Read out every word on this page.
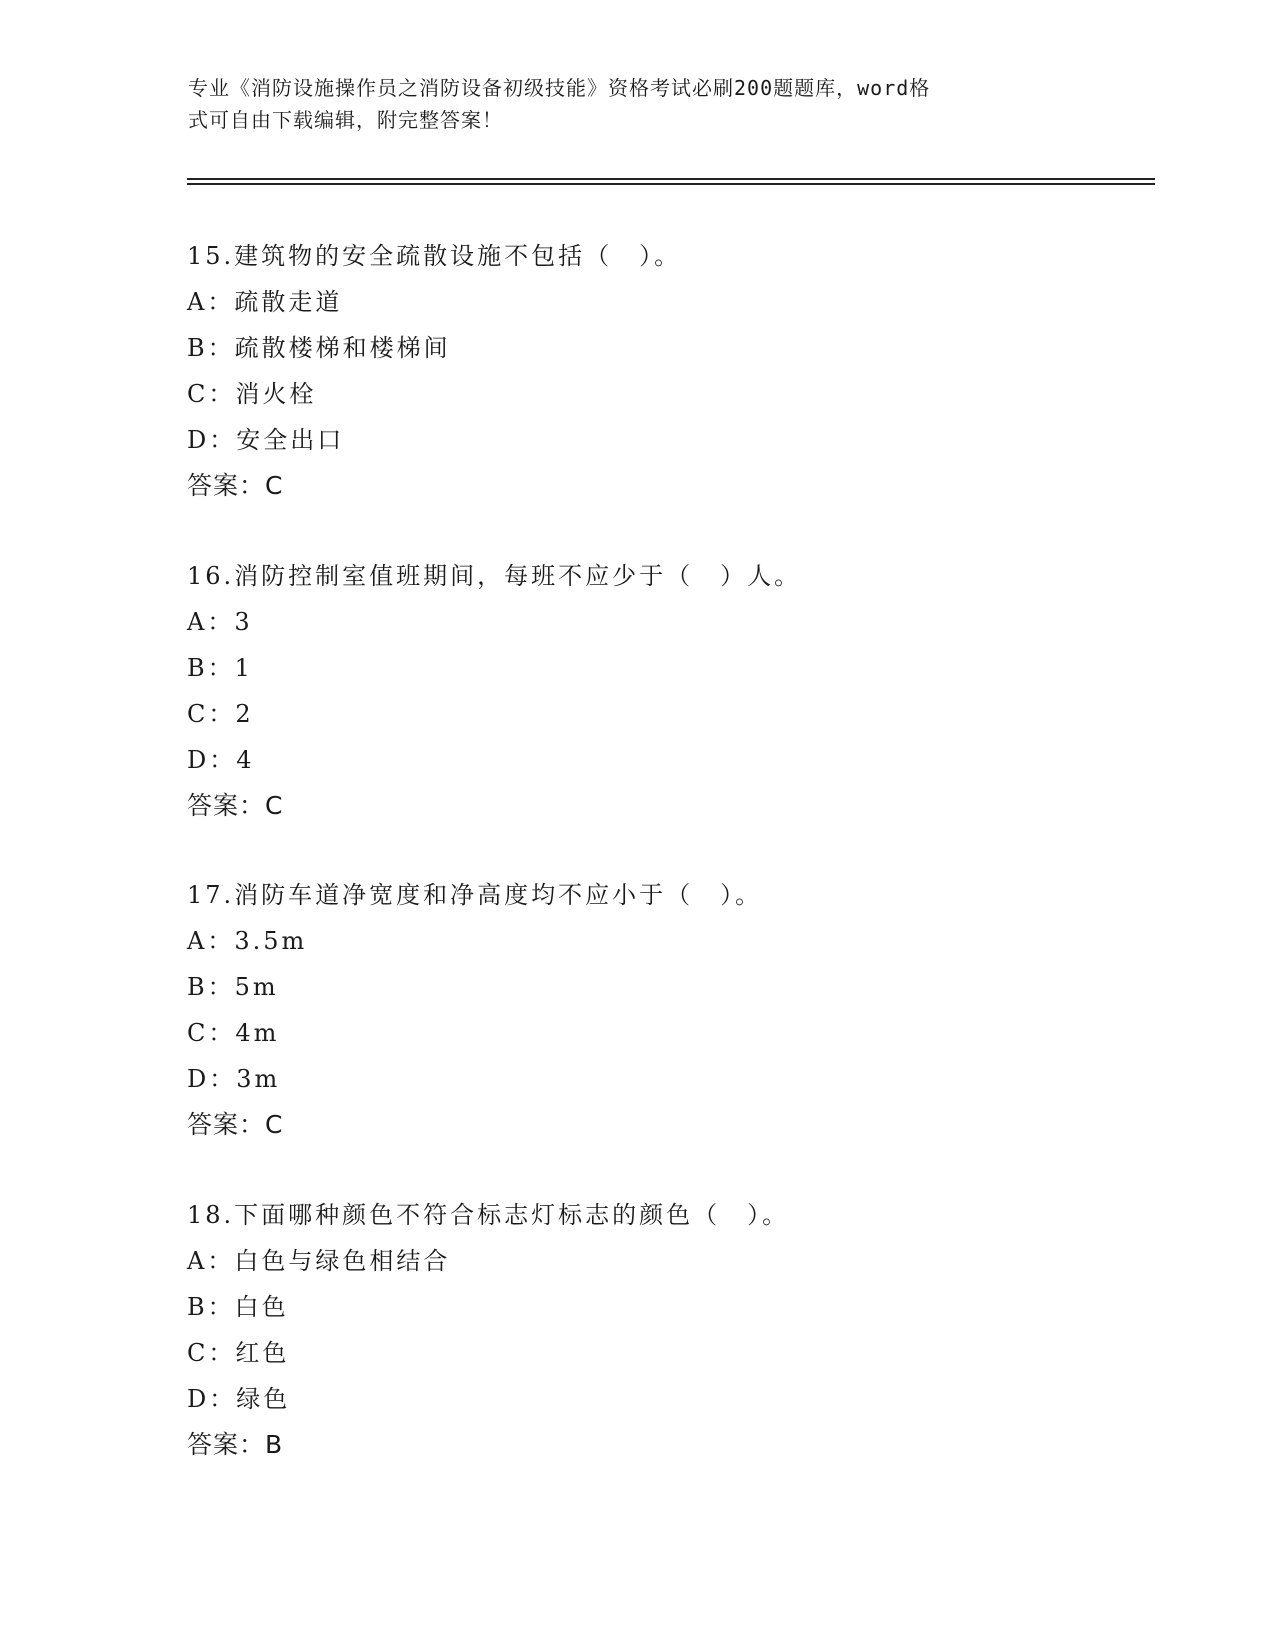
专业《消防设施操作员之消防设备初级技能》资格考试必刷200题题库，word格
式可自由下载编辑，附完整答案！
15.建筑物的安全疏散设施不包括（　）。
A：疏散走道
B：疏散楼梯和楼梯间
C：消火栓
D：安全出口
答案：C
16.消防控制室值班期间，每班不应少于（　）人。
A：3
B：1
C：2
D：4
答案：C
17.消防车道净宽度和净高度均不应小于（　）。
A：3.5m
B：5m
C：4m
D：3m
答案：C
18.下面哪种颜色不符合标志灯标志的颜色（　）。
A：白色与绿色相结合
B：白色
C：红色
D：绿色
答案：B
